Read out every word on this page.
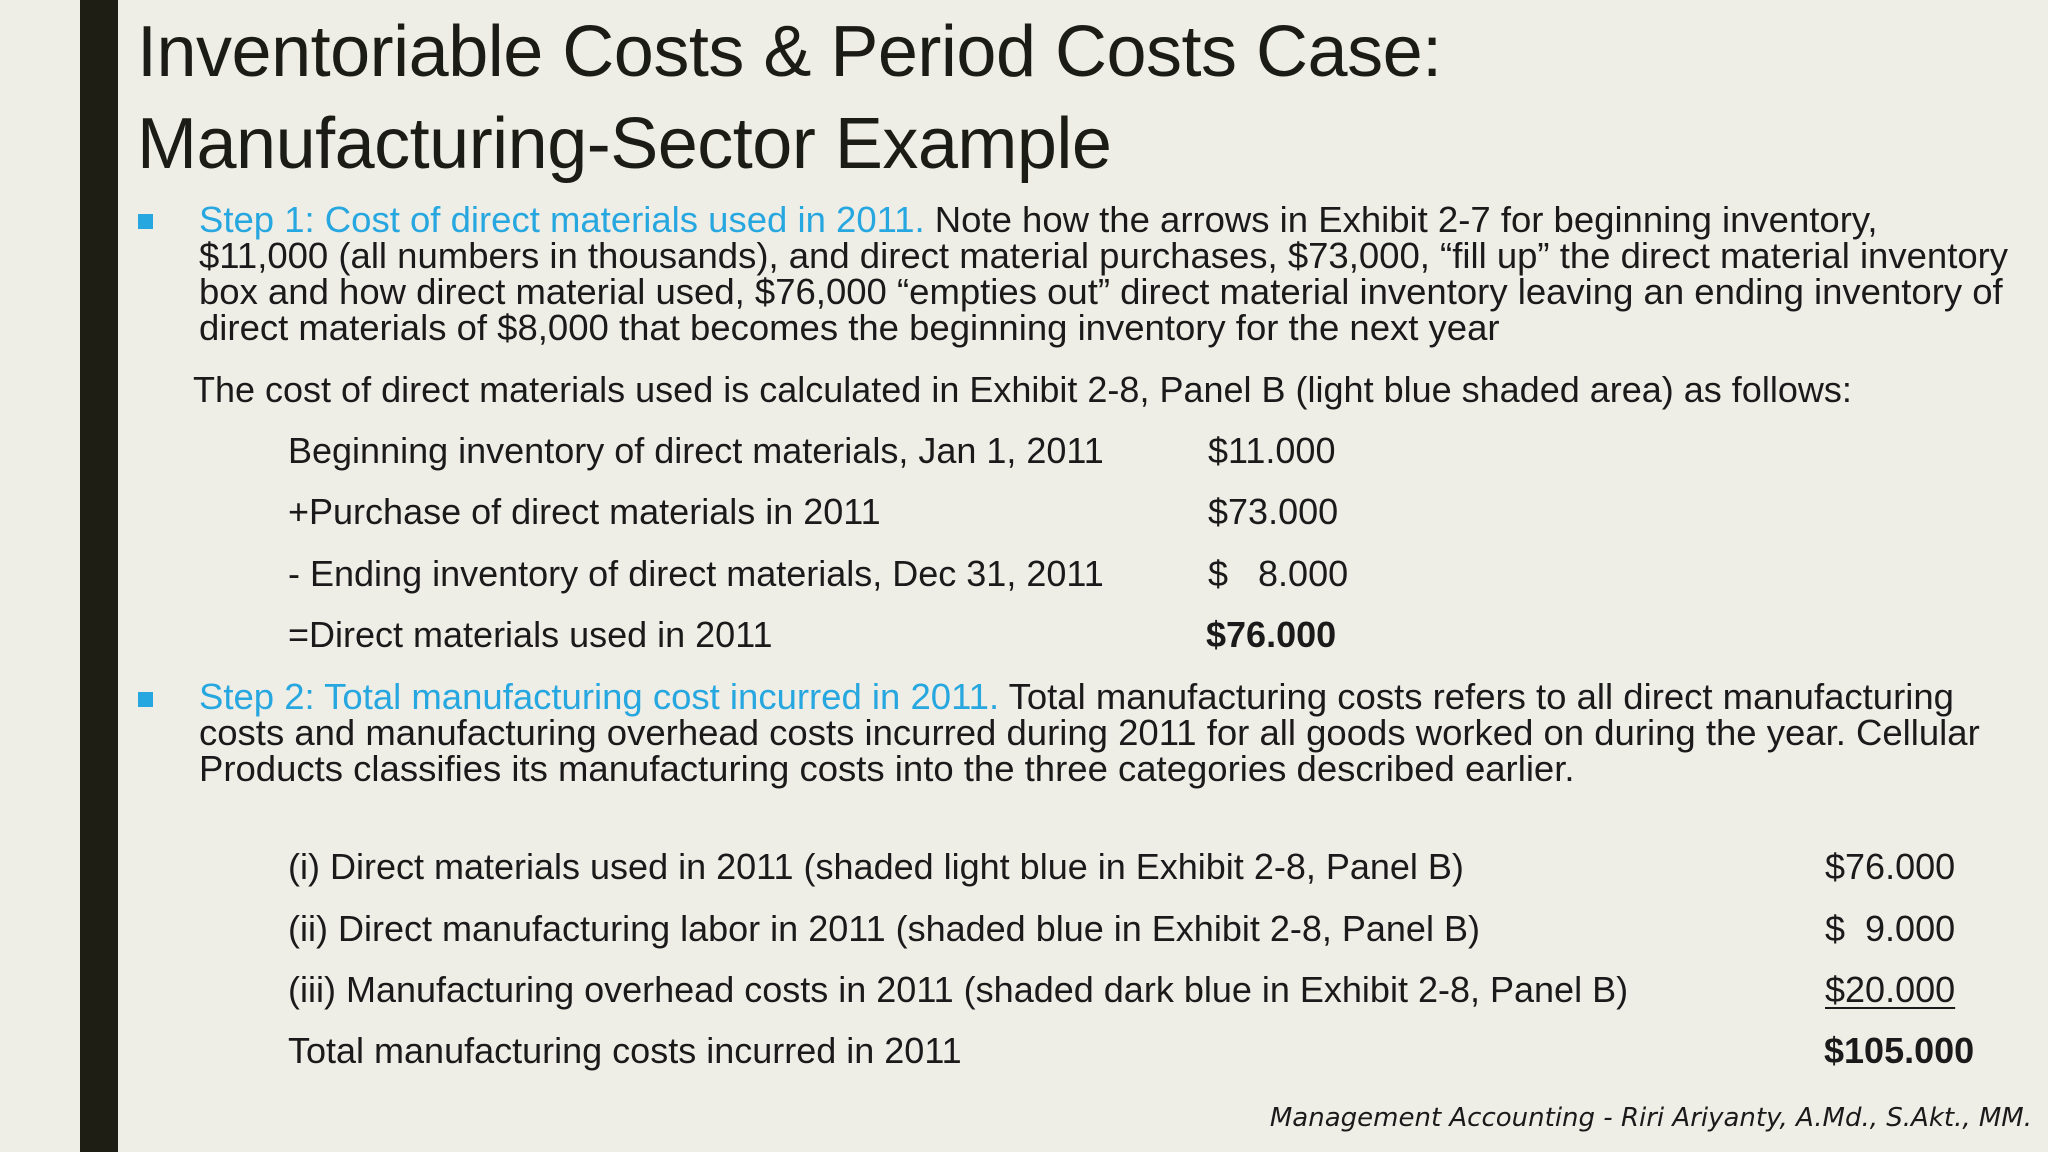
Inventoriable Costs & Period Costs Case:
Manufacturing-Sector Example
Step 1: Cost of direct materials used in 2011. Note how the arrows in Exhibit 2-7 for beginning inventory, $11,000 (all numbers in thousands), and direct material purchases, $73,000, “fill up” the direct material inventory box and how direct material used, $76,000 “empties out” direct material inventory leaving an ending inventory of direct materials of $8,000 that becomes the beginning inventory for the next year
The cost of direct materials used is calculated in Exhibit 2-8, Panel B (light blue shaded area) as follows:
Beginning inventory of direct materials, Jan 1, 2011	$11.000
+Purchase of direct materials in 2011	$73.000
- Ending inventory of direct materials, Dec 31, 2011	$   8.000
=Direct materials used in 2011	$76.000
Step 2: Total manufacturing cost incurred in 2011. Total manufacturing costs refers to all direct manufacturing costs and manufacturing overhead costs incurred during 2011 for all goods worked on during the year. Cellular Products classifies its manufacturing costs into the three categories described earlier.
(i) Direct materials used in 2011 (shaded light blue in Exhibit 2-8, Panel B)	$76.000
(ii) Direct manufacturing labor in 2011 (shaded blue in Exhibit 2-8, Panel B)	$  9.000
(iii) Manufacturing overhead costs in 2011 (shaded dark blue in Exhibit 2-8, Panel B)	$20.000
Total manufacturing costs incurred in 2011	$105.000
Management Accounting - Riri Ariyanty, A.Md., S.Akt., MM.
